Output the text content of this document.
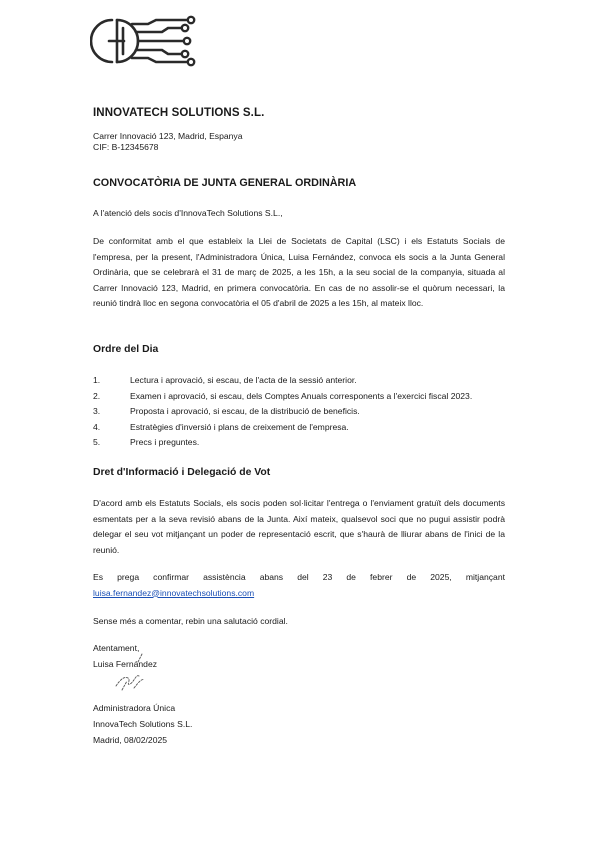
INNOVATECH SOLUTIONS S.L.
Carrer Innovació 123, Madrid, Espanya
CIF: B-12345678
CONVOCATÒRIA DE JUNTA GENERAL ORDINÀRIA
A l'atenció dels socis d'InnovaTech Solutions S.L.,
De conformitat amb el que estableix la Llei de Societats de Capital (LSC) i els Estatuts Socials de l'empresa, per la present, l'Administradora Única, Luisa Fernández, convoca els socis a la Junta General Ordinària, que se celebrarà el 31 de març de 2025, a les 15h, a la seu social de la companyia, situada al Carrer Innovació 123, Madrid, en primera convocatòria. En cas de no assolir-se el quòrum necessari, la reunió tindrà lloc en segona convocatòria el 05 d'abril de 2025 a les 15h, al mateix lloc.
Ordre del Dia
1.	Lectura i aprovació, si escau, de l'acta de la sessió anterior.
2.	Examen i aprovació, si escau, dels Comptes Anuals corresponents a l'exercici fiscal 2023.
3.	Proposta i aprovació, si escau, de la distribució de beneficis.
4.	Estratègies d'inversió i plans de creixement de l'empresa.
5.	Precs i preguntes.
Dret d'Informació i Delegació de Vot
D'acord amb els Estatuts Socials, els socis poden sol·licitar l'entrega o l'enviament gratuït dels documents esmentats per a la seva revisió abans de la Junta. Així mateix, qualsevol soci que no pugui assistir podrà delegar el seu vot mitjançant un poder de representació escrit, que s'haurà de lliurar abans de l'inici de la reunió.
Es prega confirmar assistència abans del 23 de febrer de 2025, mitjançant luisa.fernandez@innovatechsolutions.com
Sense més a comentar, rebin una salutació cordial.
Atentament,
Luisa Fernández
Administradora Única
InnovaTech Solutions S.L.
Madrid, 08/02/2025
